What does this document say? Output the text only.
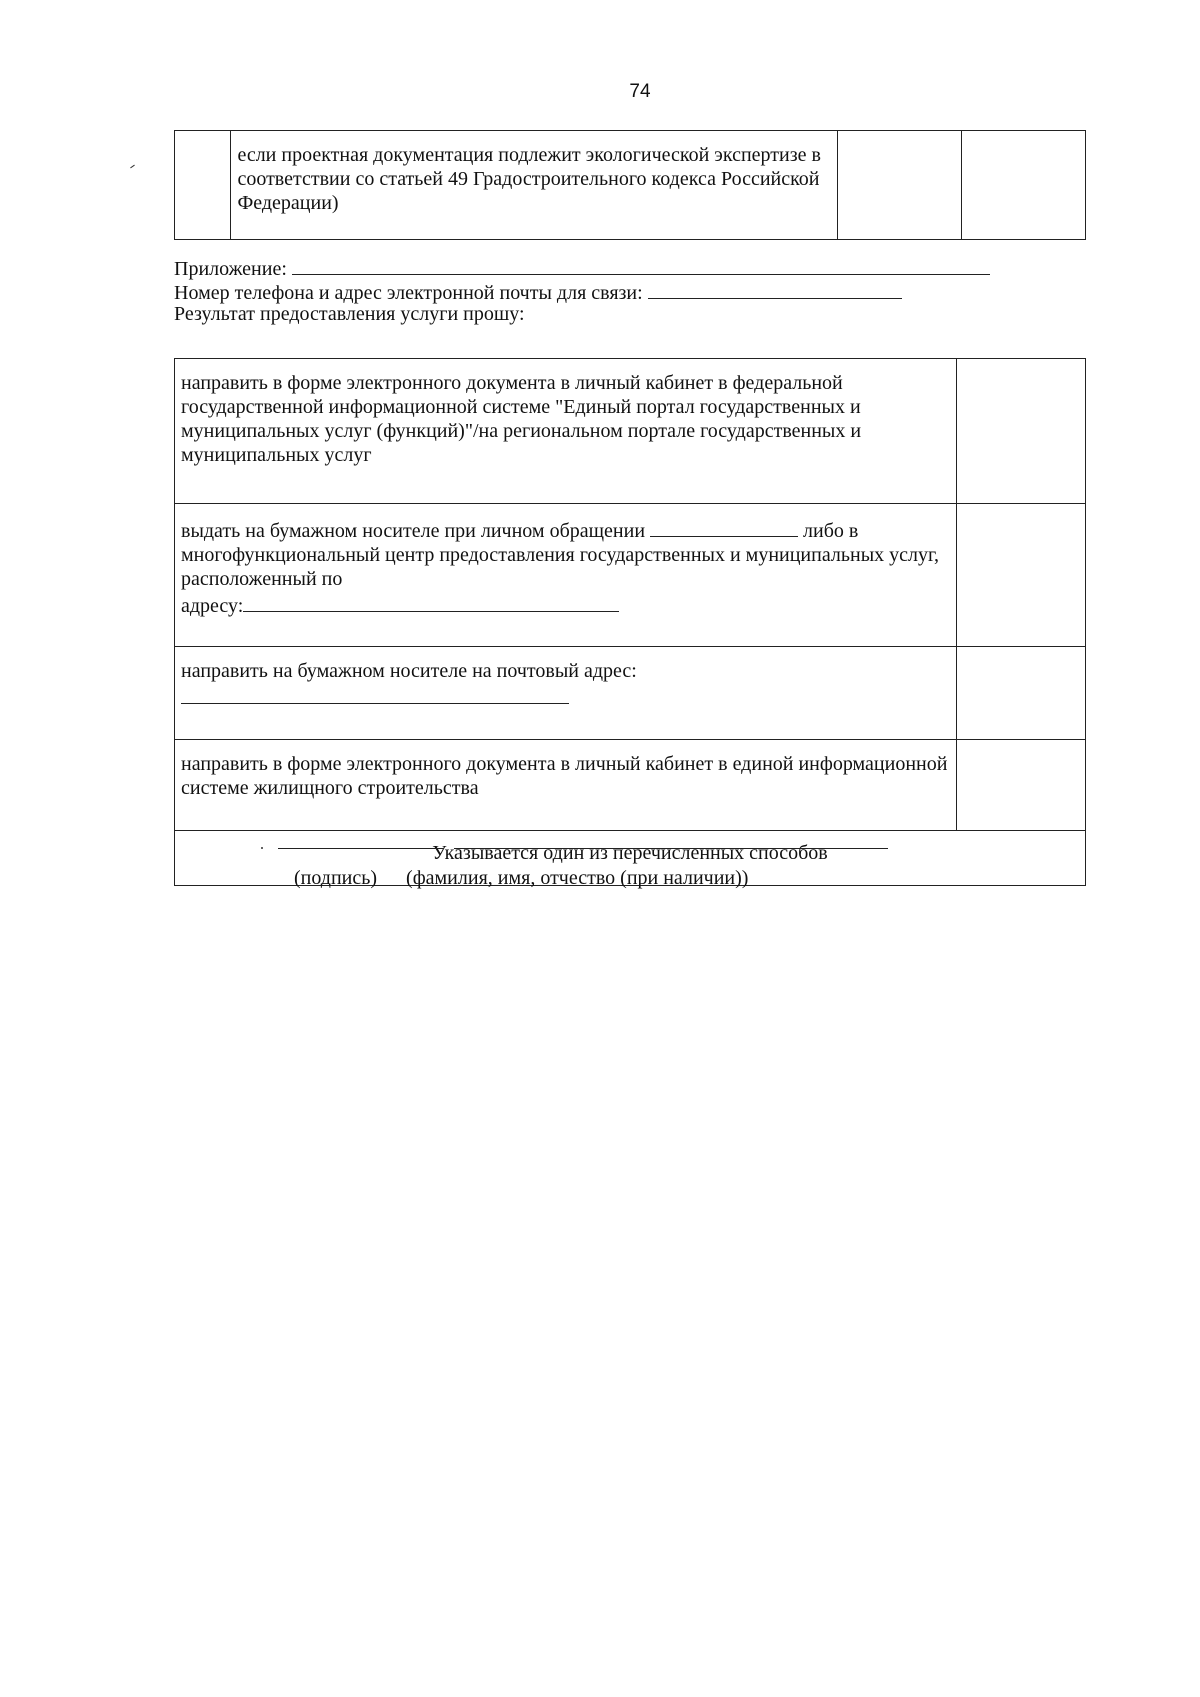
74
	если проектная документация подлежит экологической экспертизе в соответствии со статьей 49 Градостроительного кодекса Российской Федерации)		
Приложение:
Номер телефона и адрес электронной почты для связи:
Результат предоставления услуги прошу:
направить в форме электронного документа в личный кабинет в федеральной государственной информационной системе "Единый портал государственных и муниципальных услуг (функций)"/на региональном портале государственных и муниципальных услуг	
выдать на бумажном носителе при личном обращении либо в многофункциональный центр предоставления государственных и муниципальных услуг, расположенный по
адресу:	
направить на бумажном носителе на почтовый адрес:

направить в форме электронного документа в личный кабинет в единой информационной системе жилищного строительства	

Указывается один из перечисленных способов	
(подпись) (фамилия, имя, отчество (при наличии))
